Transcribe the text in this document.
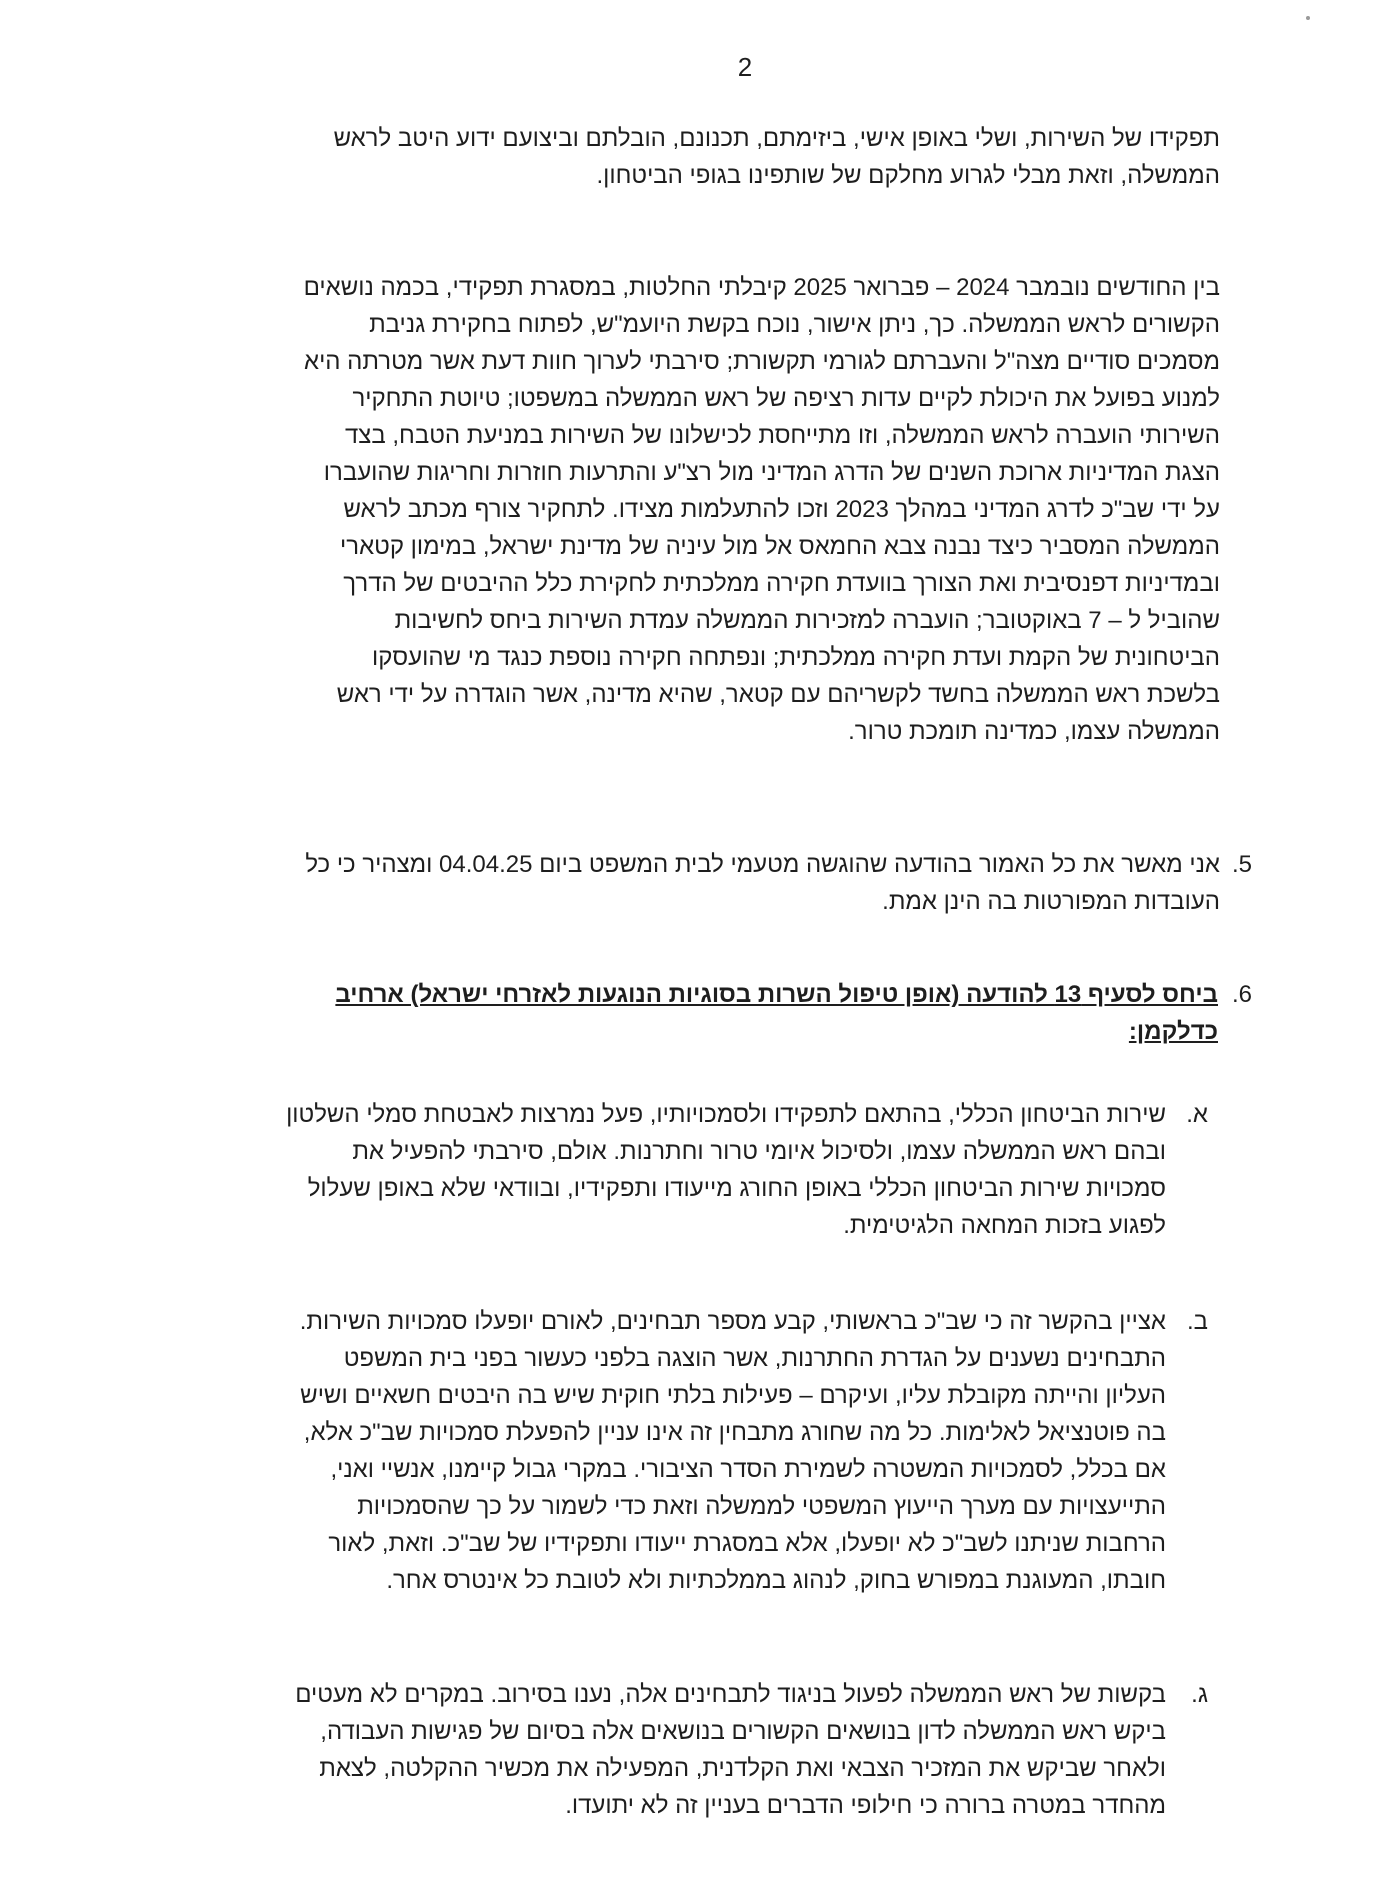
2
תפקידו של השירות, ושלי באופן אישי, ביזימתם, תכנונם, הובלתם וביצועם ידוע היטב לראש
הממשלה, וזאת מבלי לגרוע מחלקם של שותפינו בגופי הביטחון.
בין החודשים נובמבר 2024 – פברואר 2025 קיבלתי החלטות, במסגרת תפקידי, בכמה נושאים
הקשורים לראש הממשלה. כך, ניתן אישור, נוכח בקשת היועמ"ש, לפתוח בחקירת גניבת
מסמכים סודיים מצה"ל והעברתם לגורמי תקשורת; סירבתי לערוך חוות דעת אשר מטרתה היא
למנוע בפועל את היכולת לקיים עדות רציפה של ראש הממשלה במשפטו; טיוטת התחקיר
השירותי הועברה לראש הממשלה, וזו מתייחסת לכישלונו של השירות במניעת הטבח, בצד
הצגת המדיניות ארוכת השנים של הדרג המדיני מול רצ"ע והתרעות חוזרות וחריגות שהועברו
על ידי שב"כ לדרג המדיני במהלך 2023 וזכו להתעלמות מצידו. לתחקיר צורף מכתב לראש
הממשלה המסביר כיצד נבנה צבא החמאס אל מול עיניה של מדינת ישראל, במימון קטארי
ובמדיניות דפנסיבית ואת הצורך בוועדת חקירה ממלכתית לחקירת כלל ההיבטים של הדרך
שהוביל ל – 7 באוקטובר; הועברה למזכירות הממשלה עמדת השירות ביחס לחשיבות
הביטחונית של הקמת ועדת חקירה ממלכתית; ונפתחה חקירה נוספת כנגד מי שהועסקו
בלשכת ראש הממשלה בחשד לקשריהם עם קטאר, שהיא מדינה, אשר הוגדרה על ידי ראש
הממשלה עצמו, כמדינה תומכת טרור.
5.
אני מאשר את כל האמור בהודעה שהוגשה מטעמי לבית המשפט ביום 04.04.25 ומצהיר כי כל
העובדות המפורטות בה הינן אמת.
6.
ביחס לסעיף 13 להודעה (אופן טיפול השרות בסוגיות הנוגעות לאזרחי ישראל) ארחיב
כדלקמן:
א.
שירות הביטחון הכללי, בהתאם לתפקידו ולסמכויותיו, פעל נמרצות לאבטחת סמלי השלטון
ובהם ראש הממשלה עצמו, ולסיכול איומי טרור וחתרנות. אולם, סירבתי להפעיל את
סמכויות שירות הביטחון הכללי באופן החורג מייעודו ותפקידיו, ובוודאי שלא באופן שעלול
לפגוע בזכות המחאה הלגיטימית.
ב.
אציין בהקשר זה כי שב"כ בראשותי, קבע מספר תבחינים, לאורם יופעלו סמכויות השירות.
התבחינים נשענים על הגדרת החתרנות, אשר הוצגה בלפני כעשור בפני בית המשפט
העליון והייתה מקובלת עליו, ועיקרם – פעילות בלתי חוקית שיש בה היבטים חשאיים ושיש
בה פוטנציאל לאלימות. כל מה שחורג מתבחין זה אינו עניין להפעלת סמכויות שב"כ אלא,
אם בכלל, לסמכויות המשטרה לשמירת הסדר הציבורי. במקרי גבול קיימנו, אנשיי ואני,
התייעצויות עם מערך הייעוץ המשפטי לממשלה וזאת כדי לשמור על כך שהסמכויות
הרחבות שניתנו לשב"כ לא יופעלו, אלא במסגרת ייעודו ותפקידיו של שב"כ. וזאת, לאור
חובתו, המעוגנת במפורש בחוק, לנהוג בממלכתיות ולא לטובת כל אינטרס אחר.
ג.
בקשות של ראש הממשלה לפעול בניגוד לתבחינים אלה, נענו בסירוב. במקרים לא מעטים
ביקש ראש הממשלה לדון בנושאים הקשורים בנושאים אלה בסיום של פגישות העבודה,
ולאחר שביקש את המזכיר הצבאי ואת הקלדנית, המפעילה את מכשיר ההקלטה, לצאת
מהחדר במטרה ברורה כי חילופי הדברים בעניין זה לא יתועדו.
